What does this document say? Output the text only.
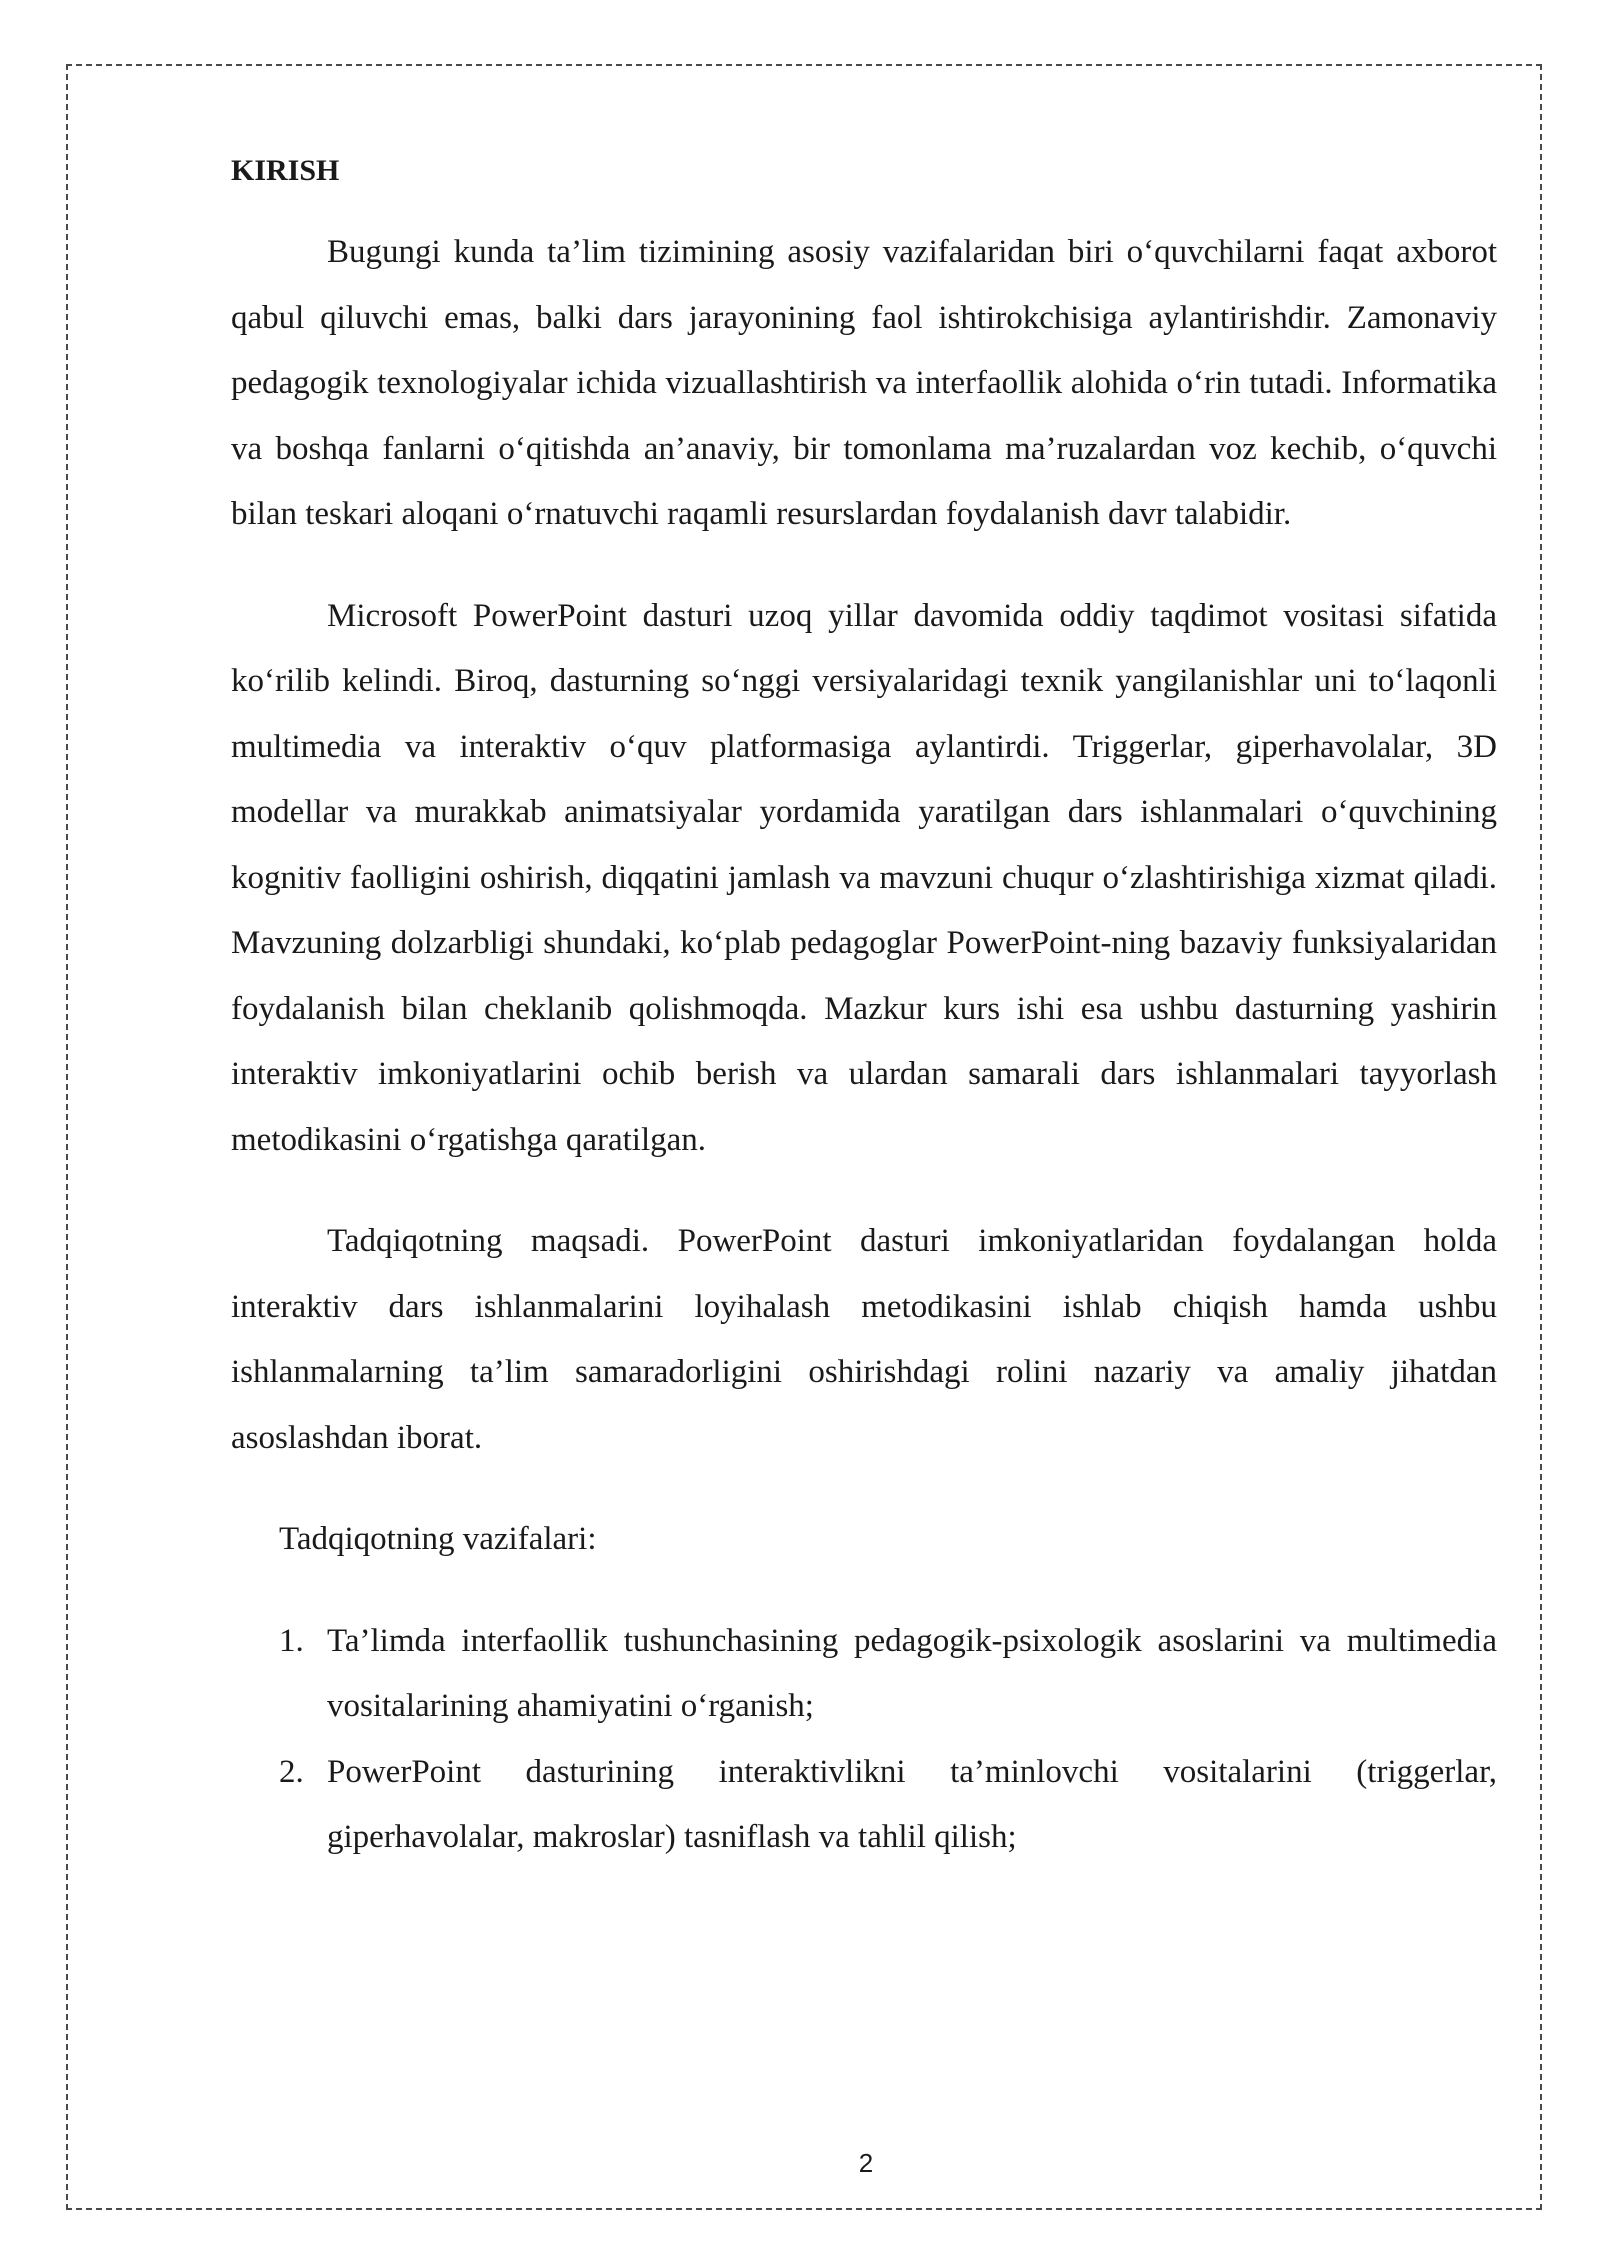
KIRISH

Bugungi kunda ta’lim tizimining asosiy vazifalaridan biri o‘quvchilarni faqat axborot qabul qiluvchi emas, balki dars jarayonining faol ishtirokchisiga aylantirishdir. Zamonaviy pedagogik texnologiyalar ichida vizuallashtirish va interfaollik alohida o‘rin tutadi. Informatika va boshqa fanlarni o‘qitishda an’anaviy, bir tomonlama ma’ruzalardan voz kechib, o‘quvchi bilan teskari aloqani o‘rnatuvchi raqamli resurslardan foydalanish davr talabidir.

Microsoft PowerPoint dasturi uzoq yillar davomida oddiy taqdimot vositasi sifatida ko‘rilib kelindi. Biroq, dasturning so‘nggi versiyalaridagi texnik yangilanishlar uni to‘laqonli multimedia va interaktiv o‘quv platformasiga aylantirdi. Triggerlar, giperhavolalar, 3D modellar va murakkab animatsiyalar yordamida yaratilgan dars ishlanmalari o‘quvchining kognitiv faolligini oshirish, diqqatini jamlash va mavzuni chuqur o‘zlashtirishiga xizmat qiladi. Mavzuning dolzarbligi shundaki, ko‘plab pedagoglar PowerPoint-ning bazaviy funksiyalaridan foydalanish bilan cheklanib qolishmoqda. Mazkur kurs ishi esa ushbu dasturning yashirin interaktiv imkoniyatlarini ochib berish va ulardan samarali dars ishlanmalari tayyorlash metodikasini o‘rgatishga qaratilgan.

Tadqiqotning maqsadi. PowerPoint dasturi imkoniyatlaridan foydalangan holda interaktiv dars ishlanmalarini loyihalash metodikasini ishlab chiqish hamda ushbu ishlanmalarning ta’lim samaradorligini oshirishdagi rolini nazariy va amaliy jihatdan asoslashdan iborat.

Tadqiqotning vazifalari:

1. Ta’limda interfaollik tushunchasining pedagogik-psixologik asoslarini va multimedia vositalarining ahamiyatini o‘rganish;
2. PowerPoint dasturining interaktivlikni ta’minlovchi vositalarini (triggerlar, giperhavolalar, makroslar) tasniflash va tahlil qilish;
2
